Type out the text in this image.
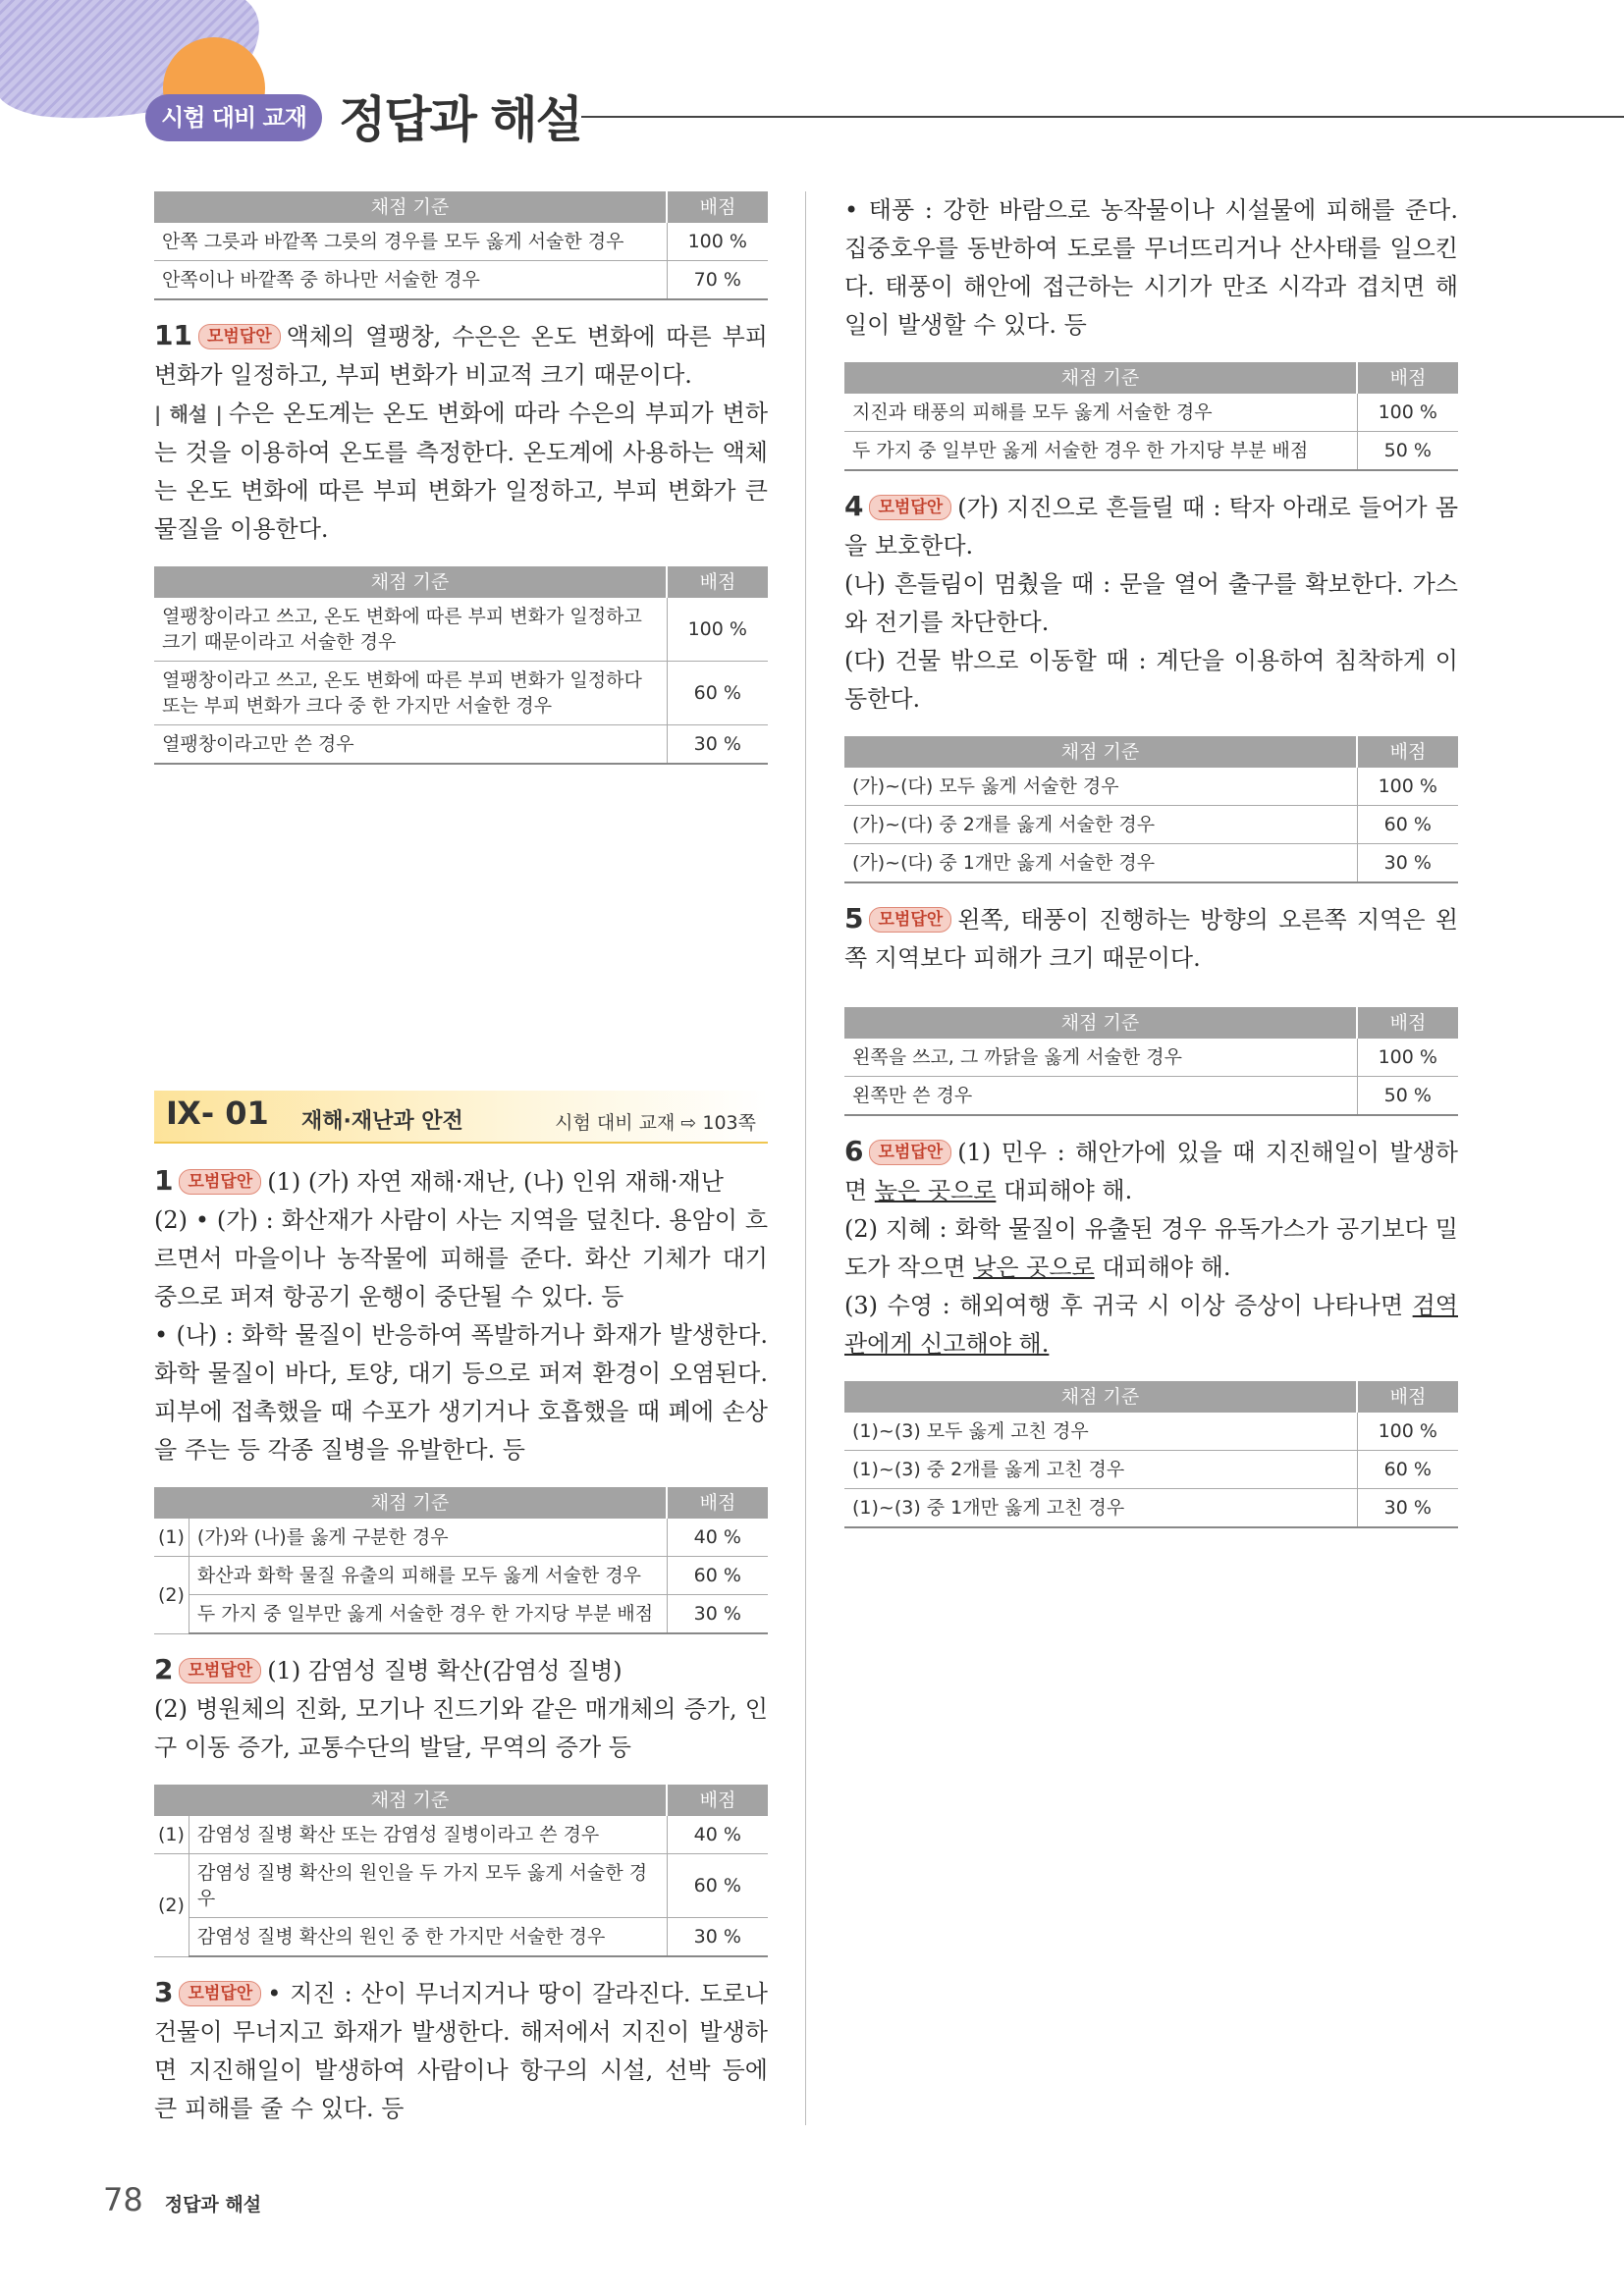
시험 대비 교재 정답과 해설
채점 기준	배점
안쪽 그릇과 바깥쪽 그릇의 경우를 모두 옳게 서술한 경우	100 %
안쪽이나 바깥쪽 중 하나만 서술한 경우	70 %

11 모범답안 액체의 열팽창, 수은은 온도 변화에 따른 부피 변화가 일정하고, 부피 변화가 비교적 크기 때문이다.

| 해설 | 수은 온도계는 온도 변화에 따라 수은의 부피가 변하는 것을 이용하여 온도를 측정한다. 온도계에 사용하는 액체는 온도 변화에 따른 부피 변화가 일정하고, 부피 변화가 큰 물질을 이용한다.

채점 기준	배점
열팽창이라고 쓰고, 온도 변화에 따른 부피 변화가 일정하고 크기 때문이라고 서술한 경우	100 %
열팽창이라고 쓰고, 온도 변화에 따른 부피 변화가 일정하다 또는 부피 변화가 크다 중 한 가지만 서술한 경우	60 %
열팽창이라고만 쓴 경우	30 %
Ⅸ- 01 재해·재난과 안전	시험 대비 교재 ⇨ 103쪽

1 모범답안 (1) (가) 자연 재해·재난, (나) 인위 재해·재난

(2) • (가) : 화산재가 사람이 사는 지역을 덮친다. 용암이 흐르면서 마을이나 농작물에 피해를 준다. 화산 기체가 대기 중으로 퍼져 항공기 운행이 중단될 수 있다. 등

• (나) : 화학 물질이 반응하여 폭발하거나 화재가 발생한다. 화학 물질이 바다, 토양, 대기 등으로 퍼져 환경이 오염된다. 피부에 접촉했을 때 수포가 생기거나 호흡했을 때 폐에 손상을 주는 등 각종 질병을 유발한다. 등

채점 기준		배점
(1)	(가)와 (나)를 옳게 구분한 경우	40 %
(2)	화산과 화학 물질 유출의 피해를 모두 옳게 서술한 경우	60 %
	두 가지 중 일부만 옳게 서술한 경우 한 가지당 부분 배점	30 %

2 모범답안 (1) 감염성 질병 확산(감염성 질병)

(2) 병원체의 진화, 모기나 진드기와 같은 매개체의 증가, 인구 이동 증가, 교통수단의 발달, 무역의 증가 등

채점 기준		배점
(1)	감염성 질병 확산 또는 감염성 질병이라고 쓴 경우	40 %
(2)	감염성 질병 확산의 원인을 두 가지 모두 옳게 서술한 경우	60 %
	감염성 질병 확산의 원인 중 한 가지만 서술한 경우	30 %

3 모범답안 • 지진 : 산이 무너지거나 땅이 갈라진다. 도로나 건물이 무너지고 화재가 발생한다. 해저에서 지진이 발생하면 지진해일이 발생하여 사람이나 항구의 시설, 선박 등에 큰 피해를 줄 수 있다. 등

• 태풍 : 강한 바람으로 농작물이나 시설물에 피해를 준다. 집중호우를 동반하여 도로를 무너뜨리거나 산사태를 일으킨다. 태풍이 해안에 접근하는 시기가 만조 시각과 겹치면 해일이 발생할 수 있다. 등

채점 기준	배점
지진과 태풍의 피해를 모두 옳게 서술한 경우	100 %
두 가지 중 일부만 옳게 서술한 경우 한 가지당 부분 배점	50 %

4 모범답안 (가) 지진으로 흔들릴 때 : 탁자 아래로 들어가 몸을 보호한다.

(나) 흔들림이 멈췄을 때 : 문을 열어 출구를 확보한다. 가스와 전기를 차단한다.

(다) 건물 밖으로 이동할 때 : 계단을 이용하여 침착하게 이동한다.

채점 기준	배점
(가)~(다) 모두 옳게 서술한 경우	100 %
(가)~(다) 중 2개를 옳게 서술한 경우	60 %
(가)~(다) 중 1개만 옳게 서술한 경우	30 %

5 모범답안 왼쪽, 태풍이 진행하는 방향의 오른쪽 지역은 왼쪽 지역보다 피해가 크기 때문이다.

채점 기준	배점
왼쪽을 쓰고, 그 까닭을 옳게 서술한 경우	100 %
왼쪽만 쓴 경우	50 %

6 모범답안 (1) 민우 : 해안가에 있을 때 지진해일이 발생하면 높은 곳으로 대피해야 해.

(2) 지혜 : 화학 물질이 유출된 경우 유독가스가 공기보다 밀도가 작으면 낮은 곳으로 대피해야 해.

(3) 수영 : 해외여행 후 귀국 시 이상 증상이 나타나면 검역관에게 신고해야 해.

채점 기준	배점
(1)~(3) 모두 옳게 고친 경우	100 %
(1)~(3) 중 2개를 옳게 고친 경우	60 %
(1)~(3) 중 1개만 옳게 고친 경우	30 %
78 정답과 해설
